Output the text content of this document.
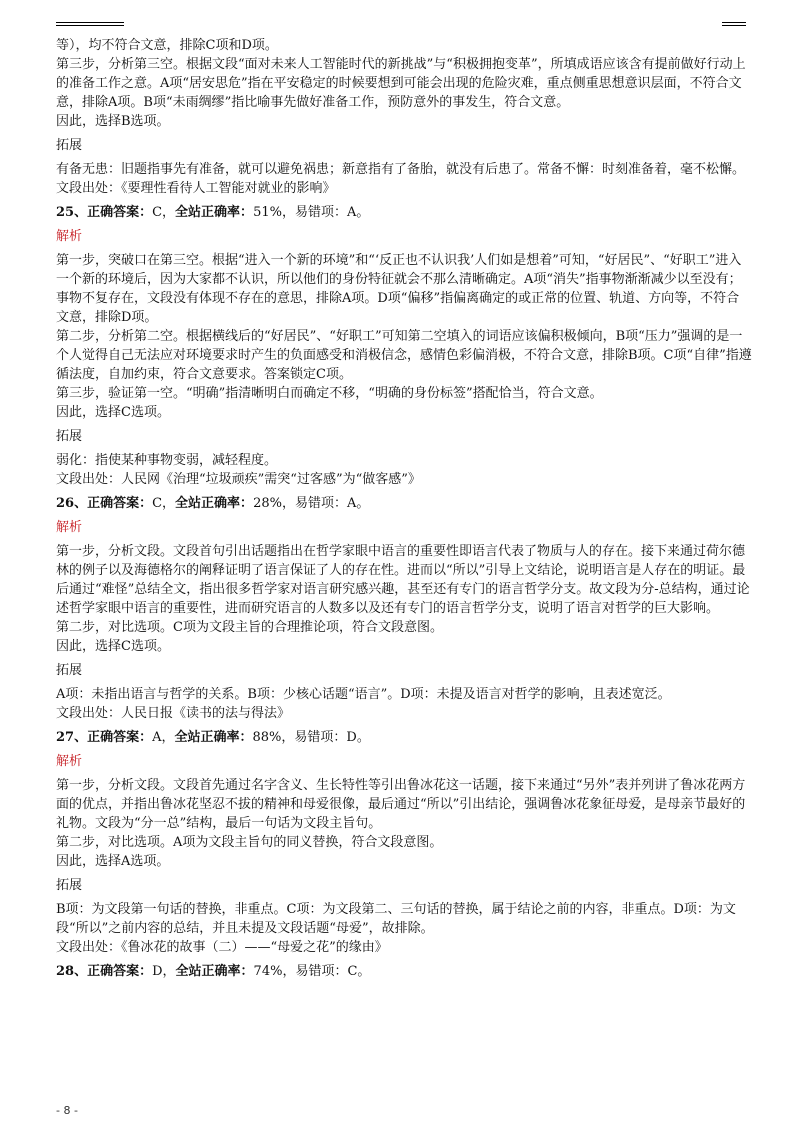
等），均不符合文意，排除C项和D项。

第三步，分析第三空。根据文段“面对未来人工智能时代的新挑战”与“积极拥抱变革”，所填成语应该含有提前做好行动上的准备工作之意。A项“居安思危”指在平安稳定的时候要想到可能会出现的危险灾难，重点侧重思想意识层面，不符合文意，排除A项。B项“未雨绸缪”指比喻事先做好准备工作，预防意外的事发生，符合文意。

因此，选择B选项。

拓展

有备无患：旧题指事先有准备，就可以避免祸患；新意指有了备胎，就没有后患了。常备不懈：时刻准备着，毫不松懈。

文段出处：《要理性看待人工智能对就业的影响》

25、正确答案：C，全站正确率：51%，易错项：A。

解析

第一步，突破口在第三空。根据“进入一个新的环境”和“‘反正也不认识我’人们如是想着”可知，“好居民”、“好职工”进入一个新的环境后，因为大家都不认识，所以他们的身份特征就会不那么清晰确定。A项“消失”指事物渐渐减少以至没有；事物不复存在，文段没有体现不存在的意思，排除A项。D项“偏移”指偏离确定的或正常的位置、轨道、方向等，不符合文意，排除D项。

第二步，分析第二空。根据横线后的“好居民”、“好职工”可知第二空填入的词语应该偏积极倾向，B项“压力”强调的是一个人觉得自己无法应对环境要求时产生的负面感受和消极信念，感情色彩偏消极，不符合文意，排除B项。C项“自律”指遵循法度，自加约束，符合文意要求。答案锁定C项。

第三步，验证第一空。“明确”指清晰明白而确定不移，“明确的身份标签”搭配恰当，符合文意。

因此，选择C选项。

拓展

弱化：指使某种事物变弱，减轻程度。

文段出处：人民网《治理“垃圾顽疾”需突“过客感”为“做客感”》

26、正确答案：C，全站正确率：28%，易错项：A。

解析

第一步，分析文段。文段首句引出话题指出在哲学家眼中语言的重要性即语言代表了物质与人的存在。接下来通过荷尔德林的例子以及海德格尔的阐释证明了语言保证了人的存在性。进而以“所以”引导上文结论，说明语言是人存在的明证。最后通过“难怪”总结全文，指出很多哲学家对语言研究感兴趣，甚至还有专门的语言哲学分支。故文段为分-总结构，通过论述哲学家眼中语言的重要性，进而研究语言的人数多以及还有专门的语言哲学分支，说明了语言对哲学的巨大影响。

第二步，对比选项。C项为文段主旨的合理推论项，符合文段意图。

因此，选择C选项。

拓展

A项：未指出语言与哲学的关系。B项：少核心话题“语言”。D项：未提及语言对哲学的影响，且表述宽泛。

文段出处：人民日报《读书的法与得法》

27、正确答案：A，全站正确率：88%，易错项：D。

解析

第一步，分析文段。文段首先通过名字含义、生长特性等引出鲁冰花这一话题，接下来通过“另外”表并列讲了鲁冰花两方面的优点，并指出鲁冰花坚忍不拔的精神和母爱很像，最后通过“所以”引出结论，强调鲁冰花象征母爱，是母亲节最好的礼物。文段为“分一总”结构，最后一句话为文段主旨句。

第二步，对比选项。A项为文段主旨句的同义替换，符合文段意图。

因此，选择A选项。

拓展

B项：为文段第一句话的替换，非重点。C项：为文段第二、三句话的替换，属于结论之前的内容，非重点。D项：为文段“所以”之前内容的总结，并且未提及文段话题“母爱”，故排除。

文段出处：《鲁冰花的故事（二）——“母爱之花”的缘由》

28、正确答案：D，全站正确率：74%，易错项：C。

- 8 -
